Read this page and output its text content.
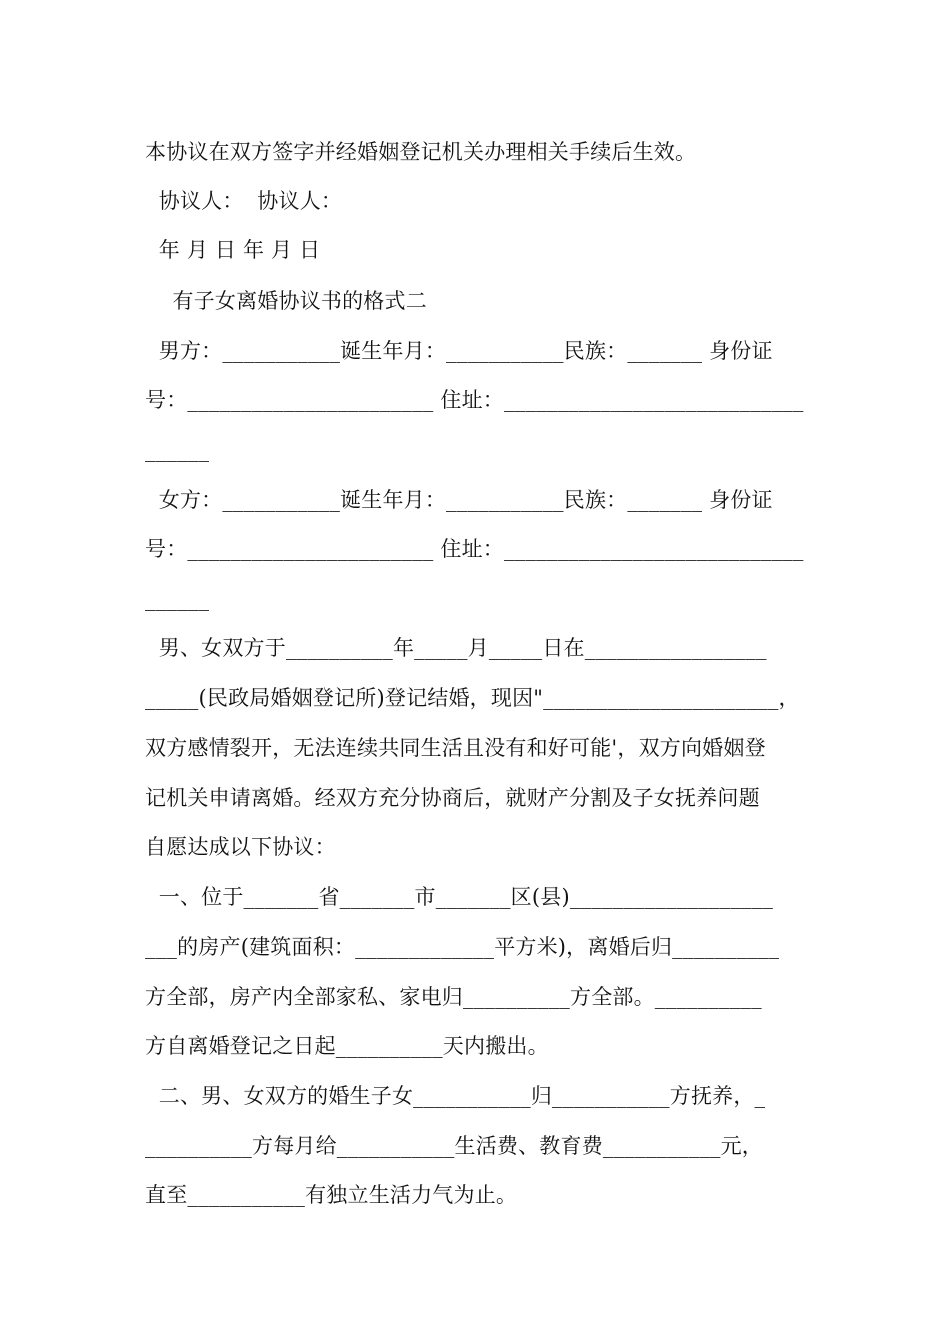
本协议在双方签字并经婚姻登记机关办理相关手续后生效。
协议人：  协议人：
年 月 日 年 月 日
有子女离婚协议书的格式二
男方：___________诞生年月：___________民族：_______ 身份证
号：_______________________ 住址：____________________________
______
女方：___________诞生年月：___________民族：_______ 身份证
号：_______________________ 住址：____________________________
______
男、女双方于__________年_____月_____日在_________________
_____(民政局婚姻登记所)登记结婚，现因"______________________，
双方感情裂开，无法连续共同生活且没有和好可能'，双方向婚姻登
记机关申请离婚。经双方充分协商后，就财产分割及子女抚养问题
自愿达成以下协议：
一、位于_______省_______市_______区(县)___________________
___的房产(建筑面积：_____________平方米)，离婚后归__________
方全部，房产内全部家私、家电归__________方全部。__________
方自离婚登记之日起__________天内搬出。
二、男、女双方的婚生子女___________归___________方抚养，_
__________方每月给___________生活费、教育费___________元，
直至___________有独立生活力气为止。
